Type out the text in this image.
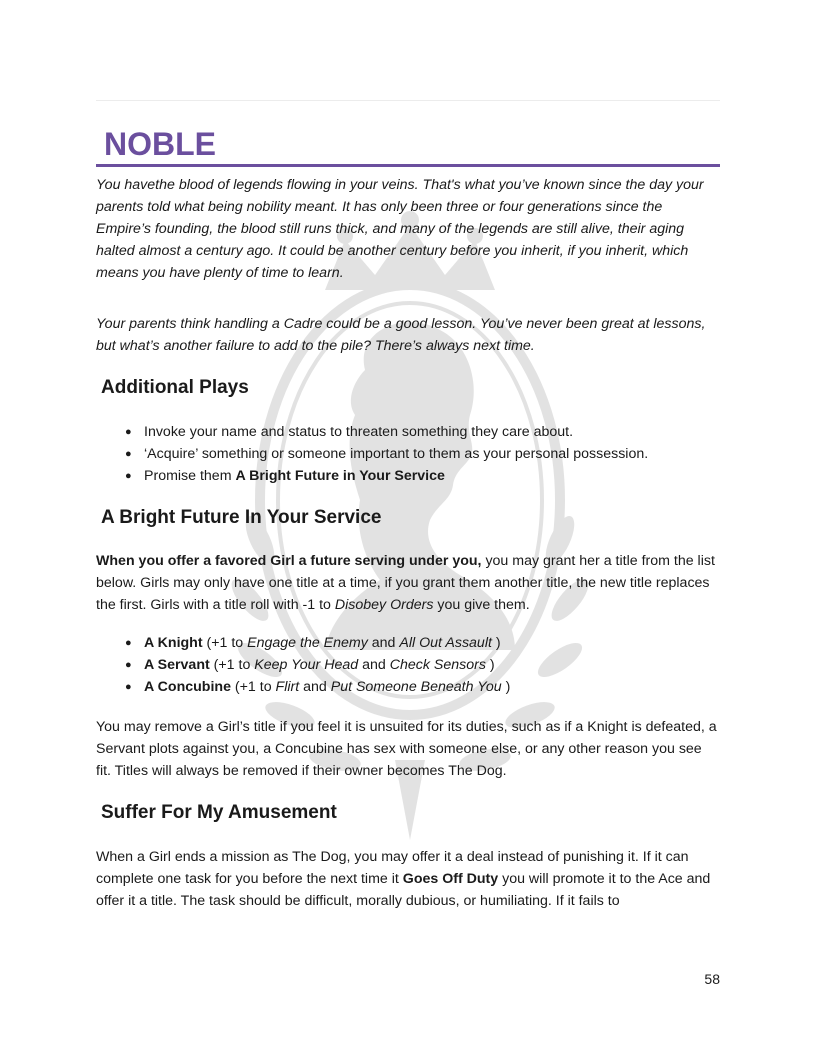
NOBLE

You havethe blood of legends flowing in your veins. That's what you’ve known since the day your parents told what being nobility meant. It has only been three or four generations since the Empire’s founding, the blood still runs thick, and many of the legends are still alive, their aging halted almost a century ago. It could be another century before you inherit, if you inherit, which means you have plenty of time to learn.

Your parents think handling a Cadre could be a good lesson. You’ve never been great at lessons, but what’s another failure to add to the pile? There’s always next time.

Additional Plays
● Invoke your name and status to threaten something they care about.
● ‘Acquire’ something or someone important to them as your personal possession.
● Promise them A Bright Future in Your Service
A Bright Future In Your Service

When you offer a favored Girl a future serving under you, you may grant her a title from the list below. Girls may only have one title at a time, if you grant them another title, the new title replaces the first. Girls with a title roll with -1 to Disobey Orders you give them.

● A Knight (+1 to Engage the Enemy and All Out Assault )
● A Servant (+1 to Keep Your Head and Check Sensors )
● A Concubine (+1 to Flirt and Put Someone Beneath You )

You may remove a Girl’s title if you feel it is unsuited for its duties, such as if a Knight is defeated, a Servant plots against you, a Concubine has sex with someone else, or any other reason you see fit. Titles will always be removed if their owner becomes The Dog.

Suffer For My Amusement

When a Girl ends a mission as The Dog, you may offer it a deal instead of punishing it. If it can complete one task for you before the next time it Goes Off Duty you will promote it to the Ace and offer it a title. The task should be difficult, morally dubious, or humiliating. If it fails to

58
